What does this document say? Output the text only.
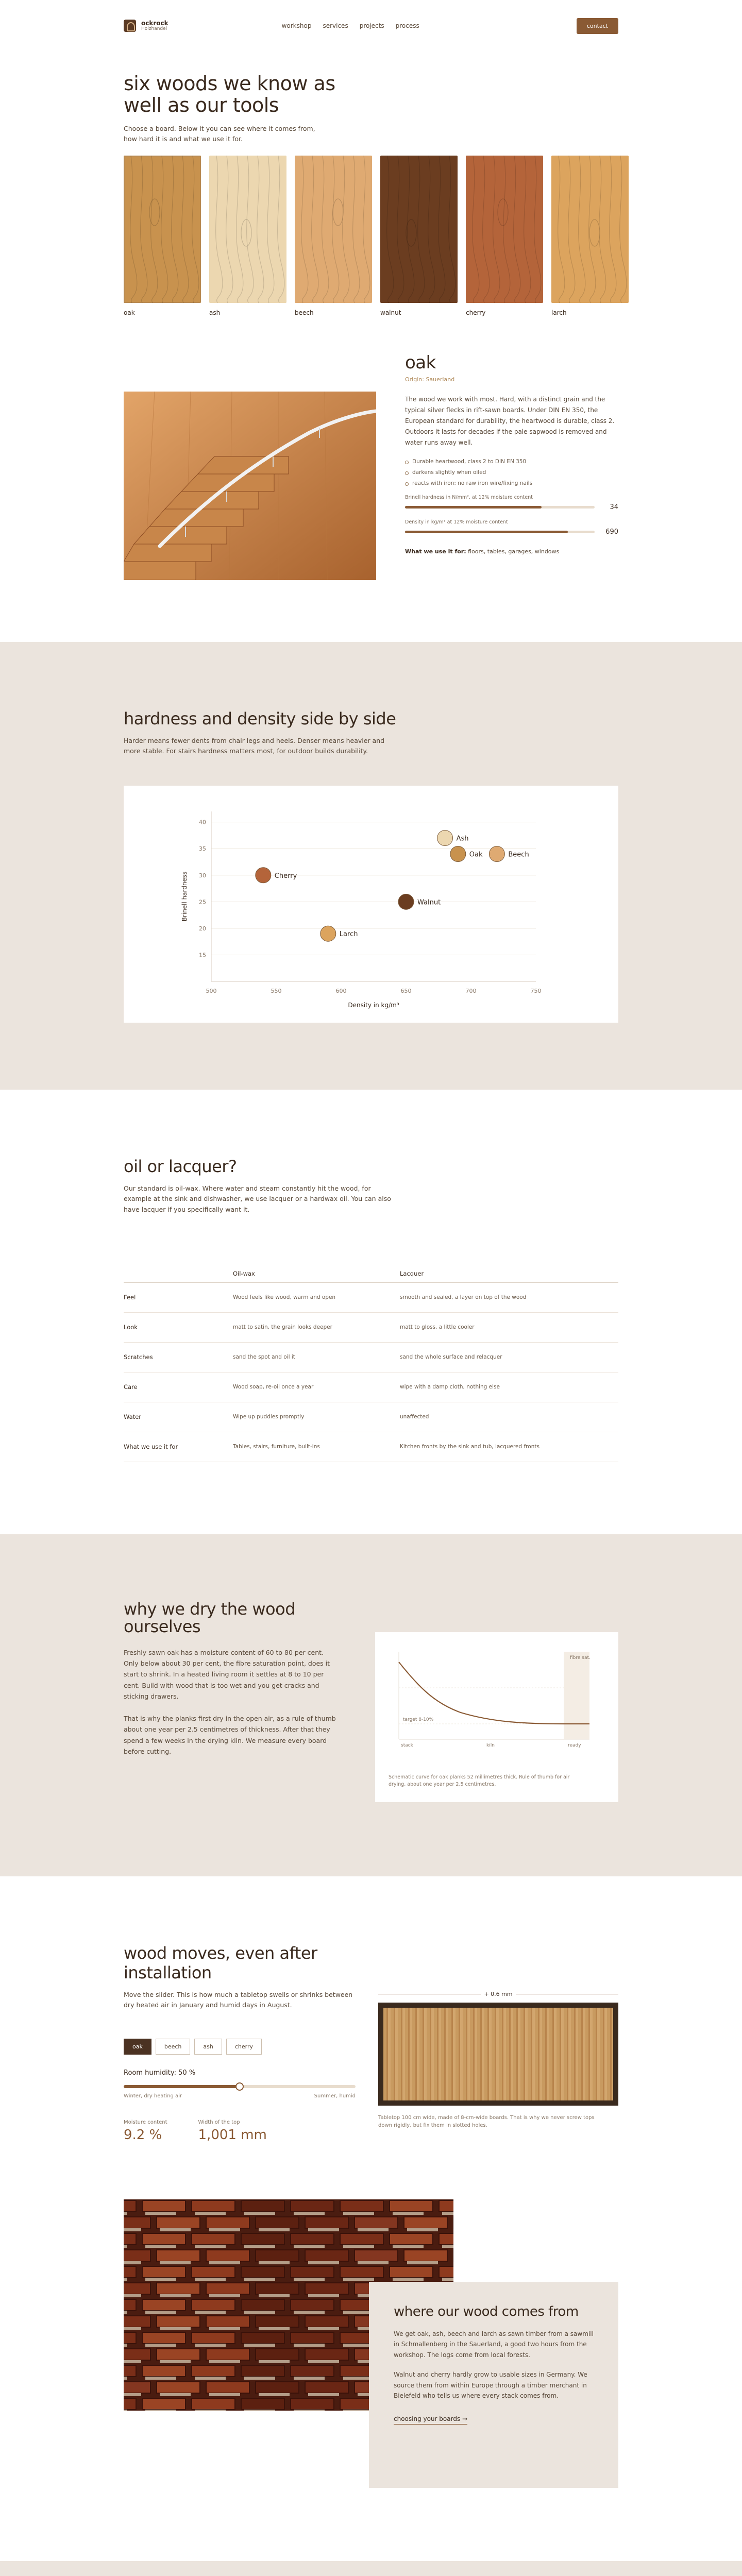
ockrock
Holzhandel	workshop services projects process	contact
six woods we know as well as our tools

Choose a board. Below it you can see where it comes from, how hard it is and what we use it for.

oak	ash	beech	walnut	cherry	larch
oak
Origin: Sauerland

The wood we work with most. Hard, with a distinct grain and the typical silver flecks in rift-sawn boards. Under DIN EN 350, the European standard for durability, the heartwood is durable, class 2. Outdoors it lasts for decades if the pale sapwood is removed and water runs away well.

Durable heartwood, class 2 to DIN EN 350
darkens slightly when oiled
reacts with iron: no raw iron wire/fixing nails
Brinell hardness in N/mm², at 12% moisture content
34
Density in kg/m³ at 12% moisture content
690
What we use it for: floors, tables, garages, windows
hardness and density side by side

Harder means fewer dents from chair legs and heels. Denser means heavier and more stable. For stairs hardness matters most, for outdoor builds durability.

15
20
25
30
35
40
500	550	600	650	700	750
Density in kg/m³
Brinell hardness
Ash
Oak	Beech
Cherry
Walnut
Larch
oil or lacquer?

Our standard is oil-wax. Where water and steam constantly hit the wood, for example at the sink and dishwasher, we use lacquer or a hardwax oil. You can also have lacquer if you specifically want it.

	Oil-wax	Lacquer
Feel	Wood feels like wood, warm and open	smooth and sealed, a layer on top of the wood
Look	matt to satin, the grain looks deeper	matt to gloss, a little cooler
Scratches	sand the spot and oil it	sand the whole surface and relacquer
Care	Wood soap, re-oil once a year	wipe with a damp cloth, nothing else
Water	Wipe up puddles promptly	unaffected
What we use it for	Tables, stairs, furniture, built-ins	Kitchen fronts by the sink and tub, lacquered fronts
why we dry the wood ourselves

Freshly sawn oak has a moisture content of 60 to 80 per cent. Only below about 30 per cent, the fibre saturation point, does it start to shrink. In a heated living room it settles at 8 to 10 per cent. Build with wood that is too wet and you get cracks and sticking drawers.

That is why the planks first dry in the open air, as a rule of thumb about one year per 2.5 centimetres of thickness. After that they spend a few weeks in the drying kiln. We measure every board before cutting.

fibre sat.
target 8-10%
stack	kiln	ready
Schematic curve for oak planks 52 millimetres thick. Rule of thumb for air drying, about one year per 2.5 centimetres.
wood moves, even after installation

Move the slider. This is how much a tabletop swells or shrinks between dry heated air in January and humid days in August.

oak	beech	ash	cherry
Room humidity: 50 %
Winter, dry heating air	Summer, humid
Moisture content
9.2 %
Width of the top
1,001 mm
+ 0.6 mm
Tabletop 100 cm wide, made of 8-cm-wide boards. That is why we never screw tops down rigidly, but fix them in slotted holes.
where our wood comes from

We get oak, ash, beech and larch as sawn timber from a sawmill in Schmallenberg in the Sauerland, a good two hours from the workshop. The logs come from local forests.

Walnut and cherry hardly grow to usable sizes in Germany. We source them from within Europe through a timber merchant in Bielefeld who tells us where every stack comes from.

choosing your boards →
